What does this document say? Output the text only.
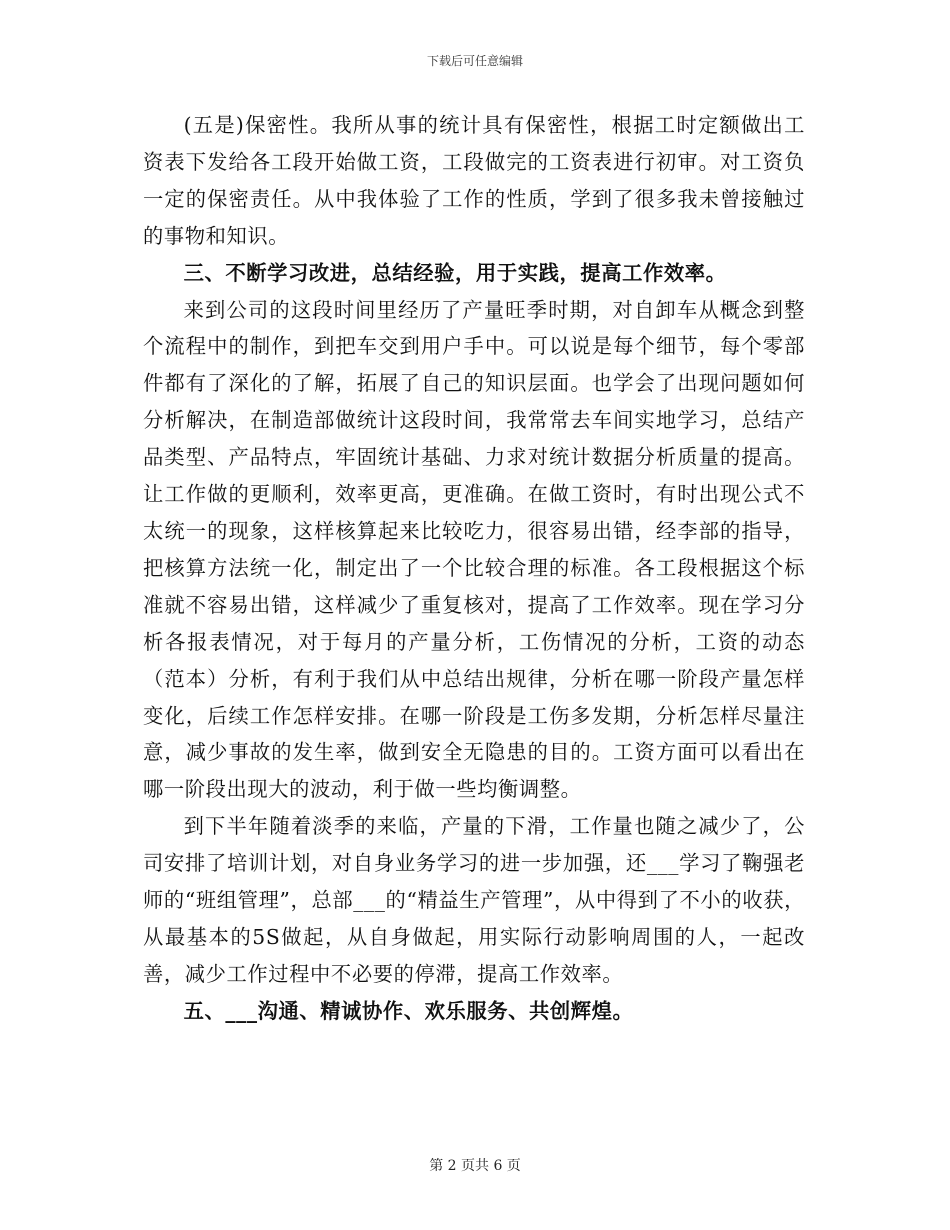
下载后可任意编辑

(五是)保密性。我所从事的统计具有保密性，根据工时定额做出工资表下发给各工段开始做工资，工段做完的工资表进行初审。对工资负一定的保密责任。从中我体验了工作的性质，学到了很多我未曾接触过的事物和知识。

三、不断学习改进，总结经验，用于实践，提高工作效率。

来到公司的这段时间里经历了产量旺季时期，对自卸车从概念到整个流程中的制作，到把车交到用户手中。可以说是每个细节，每个零部件都有了深化的了解，拓展了自己的知识层面。也学会了出现问题如何分析解决，在制造部做统计这段时间，我常常去车间实地学习，总结产品类型、产品特点，牢固统计基础、力求对统计数据分析质量的提高。让工作做的更顺利，效率更高，更准确。在做工资时，有时出现公式不太统一的现象，这样核算起来比较吃力，很容易出错，经李部的指导，把核算方法统一化，制定出了一个比较合理的标准。各工段根据这个标准就不容易出错，这样减少了重复核对，提高了工作效率。现在学习分析各报表情况，对于每月的产量分析，工伤情况的分析，工资的动态（范本）分析，有利于我们从中总结出规律，分析在哪一阶段产量怎样变化，后续工作怎样安排。在哪一阶段是工伤多发期，分析怎样尽量注意，减少事故的发生率，做到安全无隐患的目的。工资方面可以看出在哪一阶段出现大的波动，利于做一些均衡调整。

到下半年随着淡季的来临，产量的下滑，工作量也随之减少了，公司安排了培训计划，对自身业务学习的进一步加强，还___学习了鞠强老师的“班组管理”，总部___的“精益生产管理”，从中得到了不小的收获，从最基本的5S做起，从自身做起，用实际行动影响周围的人，一起改善，减少工作过程中不必要的停滞，提高工作效率。

五、___沟通、精诚协作、欢乐服务、共创辉煌。

第 2 页共 6 页
